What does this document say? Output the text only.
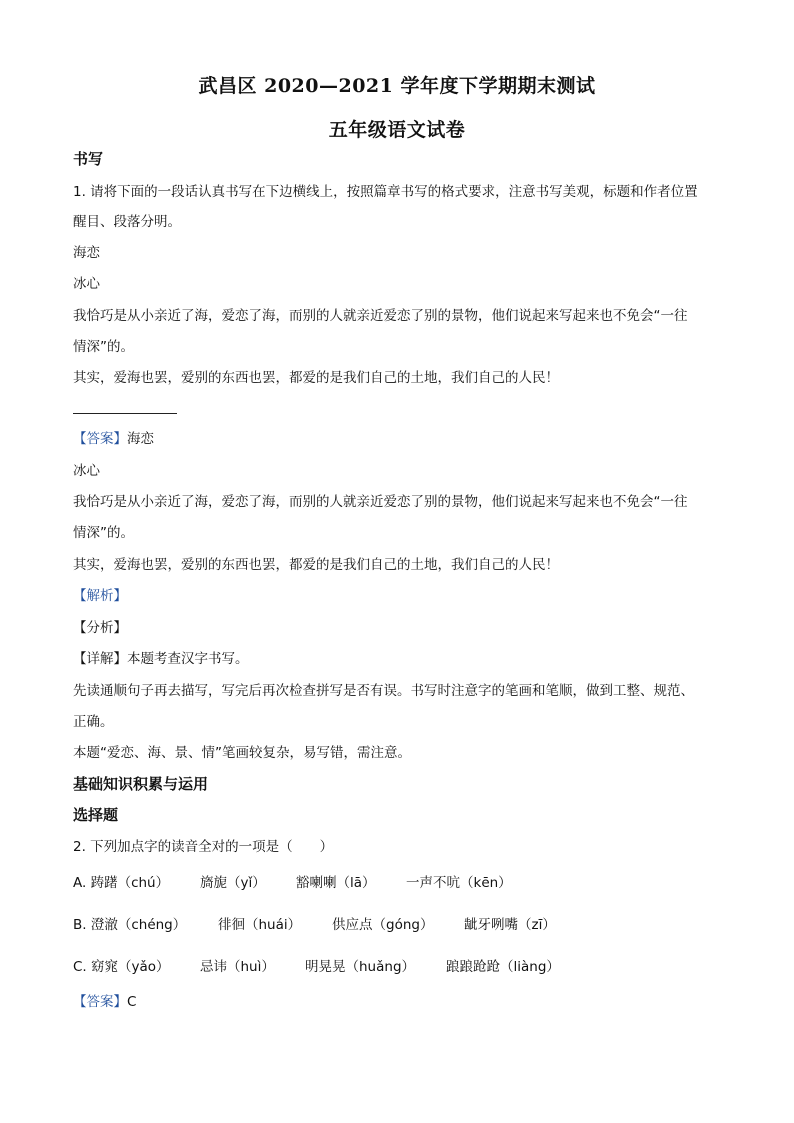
武昌区 2020—2021 学年度下学期期末测试
五年级语文试卷
书写
1. 请将下面的一段话认真书写在下边横线上，按照篇章书写的格式要求，注意书写美观，标题和作者位置
醒目、段落分明。
海恋
冰心
我恰巧是从小亲近了海，爱恋了海，而别的人就亲近爱恋了别的景物，他们说起来写起来也不免会“一往
情深”的。
其实，爱海也罢，爱别的东西也罢，都爱的是我们自己的土地，我们自己的人民！
【答案】海恋
冰心
我恰巧是从小亲近了海，爱恋了海，而别的人就亲近爱恋了别的景物，他们说起来写起来也不免会“一往
情深”的。
其实，爱海也罢，爱别的东西也罢，都爱的是我们自己的土地，我们自己的人民！
【解析】
【分析】
【详解】本题考查汉字书写。
先读通顺句子再去描写，写完后再次检查拼写是否有误。书写时注意字的笔画和笔顺，做到工整、规范、
正确。
本题“爱恋、海、景、情”笔画较复杂，易写错，需注意。
基础知识积累与运用
选择题
2. 下列加点字的读音全对的一项是（　　）
A. 踌躇（chú） 旖旎（yǐ） 豁喇喇（lā） 一声不吭（kēn）
B. 澄澈（chéng） 徘徊（huái） 供应点（góng） 龇牙咧嘴（zī）
C. 窈窕（yǎo） 忌讳（huì） 明晃晃（huǎng） 踉踉跄跄（liàng）
【答案】C
